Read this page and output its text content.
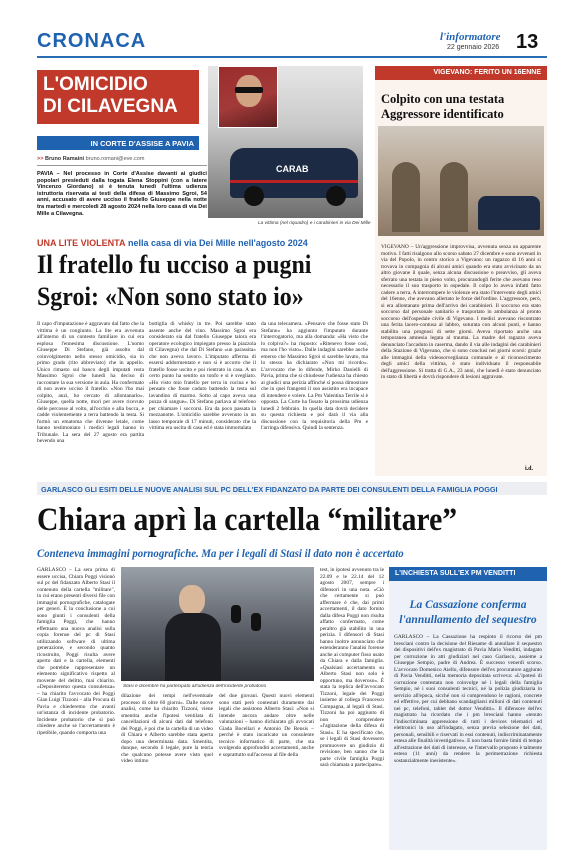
CRONACA	l'informatore
22 gennaio 2026 13
L'OMICIDIO
DI CILAVEGNA
IN CORTE D'ASSISE A PAVIA
>> Bruno Ramaini bruno.romani@eve.com
PAVIA – Nel processo in Corte d'Assise davanti ai giudici popolari presieduti dalla togata Elena Stoppini (con a latere Vincenzo Giordano) si è tenuta lunedì l'ultima udienza istruttoria riservata ai testi della difesa di Massimo Sgroi, 54 anni, accusato di avere ucciso il fratello Giuseppe nella notte tra martedì e mercoledì 28 agosto 2024 nella loro casa di via Dei Mille a Cilavegna.
CARAB
La vittima (nel riquadro) e i carabinieri in via Dei Mille
UNA LITE VIOLENTA nella casa di via Dei Mille nell'agosto 2024
Il fratello fu ucciso a pugni
Sgroi: «Non sono stato io»
Il capo d'imputazione è aggravato dal fatto che la vittima è un congiunto. La lite era avvenuta all'interno di un contesto familiare in cui era esplosa l'ennesima discussione. L'uomo Giuseppe Di Stefano, già assolto dal coinvolgimento nello stesso omicidio, sia in primo grado (rito abbreviato) che in appello. Unico rimasto sul banco degli imputati resta Massimo Sgroi che lunedì ha deciso di raccontare la sua versione in aula. Ha confermato di non avere ucciso il fratello. «Non l'ho mai colpito, anzi, ho cercato di allontanarlo». Giuseppe, quella notte, morì per avere ricevuto delle percosse al volto, all'occhio e alla bocca, e cadde violentemente a terra battendo la testa. Si formò un ematoma che divenne letale, come hanno testimoniato i medici legali hanno in Tribunale. La sera del 27 agosto era partita bevendo una
bottiglia di whisky in tre. Poi sarebbe stato assente anche del vino. Massimo Sgroi era considerato sia dal fratello Giuseppe talora era operatore ecologico impiegato presso la piazzola di Cilavegna) che dal Di Stefano «un parassita» che non aveva lavoro. L'imputato afferma di essersi addormentato e non si è accorto che il fratello fosse uscito e poi rientrato in casa. A un certo punto ha sentito un tonfo e si è svegliato. «Ho visto mio fratello per terra in cucina e ho pensato che fosse caduto battendo la testa sul lavandino di marmo. Sotto al capo aveva una pozza di sangue». Di Stefano parlava al telefono per chiamare i soccorsi. Era da poco passata la mezzanotte. L'omicidio sarebbe avvenuto in un lasso temporale di 17 minuti, considerato che la vittima era uscita di casa ed è stata immortalata
da una telecamera. «Pensavo che fosse stato Di Stefano» ha aggiunto l'imputato durante l'interrogatorio, ma alla domanda: «Ha visto che lo colpiva?» ha risposto: «Ritenevo fosse così, ma non l'ho visto». Dalle indagini sarebbe anche emerso che Massimo Sgroi si sarebbe lavato, ma lo stesso ha dichiarato «Non mi ricordo». L'avvocato che lo difende, Mirko Danielli di Pavia, prima che si chiudesse l'udienza ha chiesto ai giudici una perizia affinché si possa dimostrare che in quei frangenti il suo assistito era incapace di intendere e volere. La Pm Valentina Terrile si è opposta. La Corte ha fissato la prossima udienza lunedì 2 febbraio. In quella data dovrà decidere su questa richiesta e poi darà il via alla discussione con la requisitoria della Pm e l'arringa difensiva. Quindi la sentenza.
VIGEVANO: FERITO UN 16ENNE
Colpito con una testata
Aggressore identificato
VIGEVANO – Un'aggressione improvvisa, avvenuta senza un apparente motivo. I fatti risalgono allo scorso sabato 27 dicembre e sono avvenuti in via del Popolo, in centro storico a Vigevano: un ragazzo di 16 anni si trovava in compagnia di alcuni amici quando era stato avvicinato da un altro giovane il quale, senza alcuna discussione o preavviso, gli aveva sferrato una testata in pieno volto, procurandogli ferite che avevano reso necessario il suo trasporto in ospedale. Il colpo lo aveva infatti fatto cadere a terra. A interrompere le violenze era stato l'intervento degli amici del 16enne, che avevano allertato le forze dell'ordine. L'aggressore, però, si era allontanato prima dell'arrivo dei carabinieri. Il soccorso era stato soccorso dal personale sanitario e trasportato in ambulanza al pronto soccorso dell'ospedale civile di Vigevano. I medici avevano riscontrato una ferita lacero-contusa al labbro, suturata con alcuni punti, e hanno stabilito una prognosi di sette giorni. Aveva riportato anche una temporanea amnesia legata al trauma. La madre del ragazzo aveva denunciato l'accaduto in caserma, dando il via alle indagini dei carabinieri della Stazione di Vigevano, che si sono conclusi nei giorni scorsi: grazie alle immagini della videosorveglianza comunale e al riconoscimento degli amici della vittima, è stato individuato il responsabile dell'aggressione. Si tratta di G.A., 23 anni, che lunedì è stato denunciato in stato di libertà e dovrà rispondere di lesioni aggravate.
i.d.
GARLASCO GLI ESITI DELLE NUOVE ANALISI SUL PC DELL'EX FIDANZATO DA PARTE DEI CONSULENTI DELLA FAMIGLIA POGGI
Chiara aprì la cartella “militare”
Conteneva immagini pornografiche. Ma per i legali di Stasi il dato non è accertato
GARLASCO – La sera prima di essere uccisa, Chiara Poggi visionò sul pc del fidanzato Alberto Stasi il contenuto della cartella "militare", in cui erano presenti diversi file con immagini pornografiche, catalogate per generi. È la conclusione a cui sono giunti i consulenti della famiglia Poggi, che hanno effettuato una nuova analisi sulla copia forense del pc di Stasi utilizzando software di ultima generazione, e secondo quanto ricostruito, Poggi risulta avere aperto dati e la cartella, elementi che potrebbe rappresentare un elemento significativo rispetto al movente del delitto, mai chiarito. «Depositeremo questa consulenza» – ha chiarito l'avvocato dei Poggi Gian Luigi Tizzoni – alla Procura di Pavia e chiederemo che avanti un'istanza di incidente probatorio. Incidente probatorio che si può chiedere anche se l'accertamento è ripetibile, quando comporta una
Stasi e dicembre ha partecipato all'udienza dell'incidente probatorio
dilazione dei tempi nell'eventuale processo di oltre 60 giorni». Dalle nuove analisi, come ha chiarito Tizzoni, viene smentita anche l'ipotesi ventilata di cancellazioni di alcuni dati dal telefono dei Poggi, è poi che la cartella di un video di Chiara e Alberto sarebbe stata aperta dopo una determinata data. Smentita, dunque, secondo il legale, pure la teoria che qualcuno potesse avere visto quel video intimo
del due giovani. Questi nuovi elementi sono stati però contestati duramente dai legali che assistono Alberto Stasi: «Non si intende ancora andare oltre nelle valutazioni – hanno dichiarato gli avvocati Giada Bocellari e Antonio De Rensis – perché è stato incaricato un consulente tecnico informatico di parte, che sta svolgendo approfonditi accertamenti, anche e soprattutto sull'accesso al file della
test, in ipotesi avvenuto tra le 22.09 e le 22.14 del 12 agosto 2007, sempre i difensori in una nota. «Ciò che certamente si può affermare è che, dai primi accertamenti, il dato fornito dalla difesa Poggi non risulta affatto confermato, come peraltro già stabilito in una perizia. I difensori di Stasi hanno inoltre annunciato che estenderanno l'analisi forense anche ai computer fisso usato da Chiara e dalla famiglia. «Qualsiasi accertamento su Alberto Stasi non solo è opportuno, ma doveroso». È stata la replica dell'avvocato Tizzoni, legale dei Poggi insieme al collega Francesco Compagna, al legali di Stasi. Tizzoni ha poi aggiunto di non comprendere «l'agitazione della difesa di Stasi». E ha specificato che, se i legali di Stasi dovessero promuovere un giudizio di revisione, ben sanno che la parte civile famiglia Poggi sarà chiamata a partecipare».
L'INCHIESTA SULL'EX PM VENDITTI
La Cassazione conferma
l'annullamento del sequestro
GARLASCO – La Cassazione ha respinto il ricorso dei pm bresciani contro la decisione del Riesame di annullare il sequestro dei dispositivi dell'ex magistrato di Pavia Mario Venditti, indagato per corruzione in atti giudiziari nel caso Garlasco, assieme a Giuseppe Sempio, padre di Andrea. È successo venerdì scorso. L'avvocato Domenico Aiello, difensore dell'ex procuratore aggiunto di Pavia Venditti, nella memoria depositata scriveva: «L'ipotesi di corruzione contestata non coinvolge né i legali della famiglia Sempio, né i suoi consulenti tecnici, né la polizia giudiziaria in servizio all'epoca, sicché non si comprendono le ragioni, concrete ed effettive, per cui debbano scandagliarsi milioni di dati contenuti nei pc, telefoni, tablet del dottor Venditti». Il difensore dell'ex magistrato ha ricordato che i pm bresciani hanno «tenuto l'indiscriminata apprensione di tutti i devices telematici ed elettronici in uso all'indagato, senza previa selezione dei dati, personali, sensibili e riservati in essi contenuti, indiscriminatamente estesa alle finalità investigative». E non basta fornire limiti di tempo all'estrazione dei dati di interesse, se l'intervallo proposto è talmente esteso (11 anni) da rendere la perimetrazione richiesta sostanzialmente inesistente».
